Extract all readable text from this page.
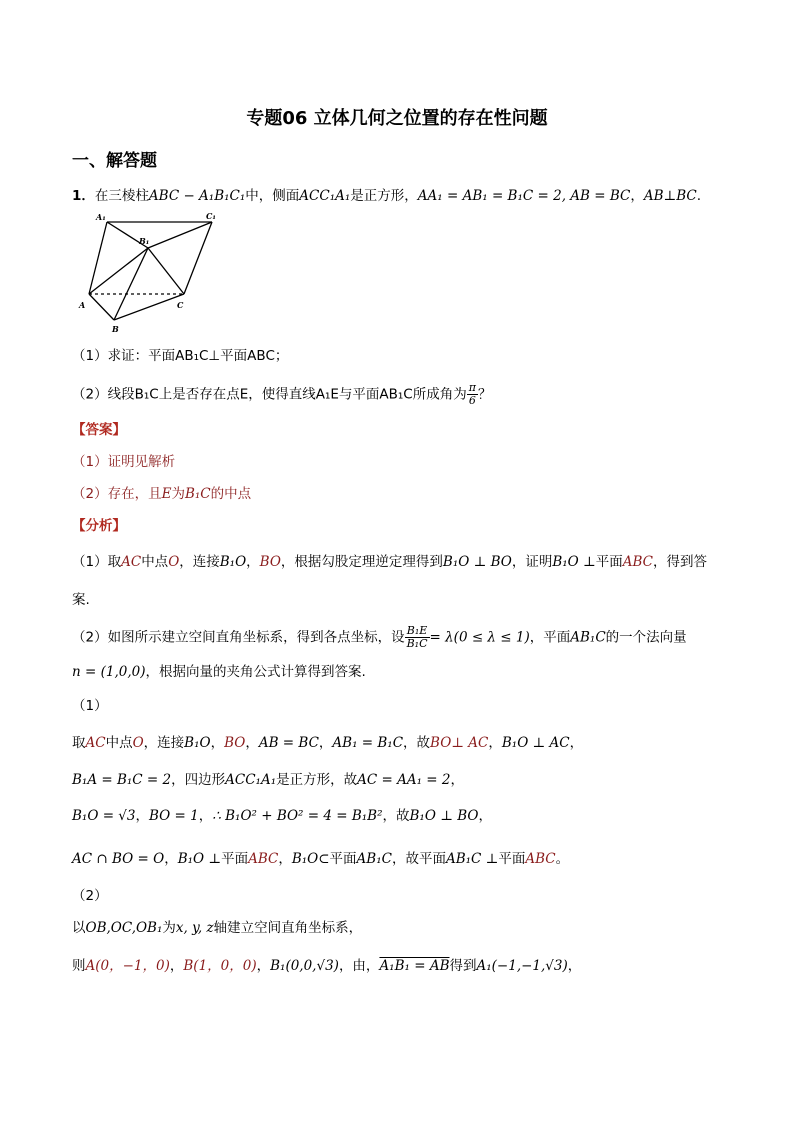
专题06 立体几何之位置的存在性问题
一、解答题
1．在三棱柱ABC − A₁B₁C₁中，侧面ACC₁A₁是正方形，AA₁ = AB₁ = B₁C = 2, AB = BC，AB⊥BC.
A₁	C₁
B₁
A
B
C
（1）求证：平面AB₁C⊥平面ABC；
（2）线段B₁C上是否存在点E，使得直线A₁E与平面AB₁C所成角为 $\frac{\pi}{6}$ ？
【答案】
（1）证明见解析
（2）存在，且E为B₁C的中点
【分析】
（1）取AC中点O，连接B₁O，BO，根据勾股定理逆定理得到B₁O ⊥ BO，证明B₁O ⊥平面ABC，得到答
案.
（2）如图所示建立空间直角坐标系，得到各点坐标，设 $\frac{\text{B₁E}}{\text{B₁C}} = \lambda(0 \le \lambda \le 1)$，平面AB₁C的一个法向量
n = (1,0,0)，根据向量的夹角公式计算得到答案.
（1）
取AC中点O，连接B₁O，BO，AB = BC，AB₁ = B₁C，故BO⊥ AC，B₁O ⊥ AC，
B₁A = B₁C = 2，四边形ACC₁A₁是正方形，故AC = AA₁ = 2，
B₁O = √3，BO = 1，∴ B₁O² + BO² = 4 = B₁B²，故B₁O ⊥ BO，
AC ∩ BO = O，B₁O ⊥平面ABC，B₁O⊂平面AB₁C，故平面AB₁C ⊥平面ABC。
（2）
以OB,OC,OB₁为x, y, z轴建立空间直角坐标系，
则A(0，−1，0)，B(1，0，0)，B₁(0,0,√3)，由，A₁B₁ = AB得到A₁(−1,−1,√3)，
